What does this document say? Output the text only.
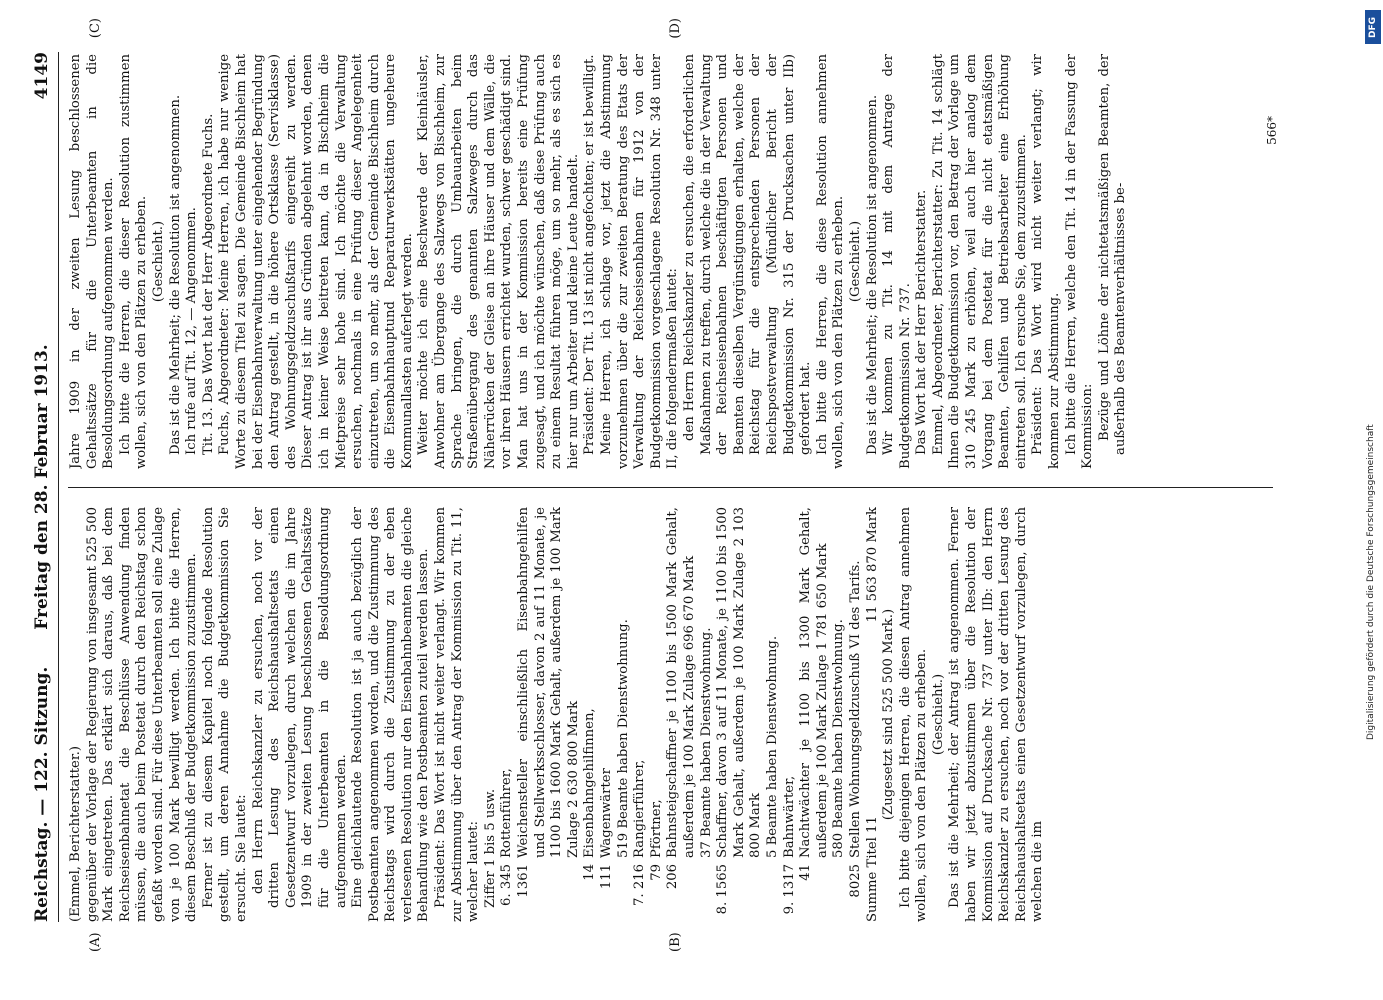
Reichstag. — 122. Sitzung.
Freitag den 28. Februar 1913.
4149

(Emmel, Berichterstatter.) gegenüber der Vorlage der Regierung von insgesamt 525 500 Mark eingetreten. Das erklärt sich daraus, daß bei dem Reichseisenbahnetat die Beschlüsse Anwendung finden müssen, die auch beim Postetat durch den Reichstag schon gefaßt worden sind. Für diese Unterbeamten soll eine Zulage von je 100 Mark bewilligt werden. Ich bitte die Herren, diesem Beschluß der Budgetkommission zuzustimmen. Ferner ist zu diesem Kapitel noch folgende Resolution gestellt, um deren Annahme die Budgetkommission Sie ersucht. Sie lautet: den Herrn Reichskanzler zu ersuchen, noch vor der dritten Lesung des Reichshaushaltsetats einen Gesetzentwurf vorzulegen, durch welchen die im Jahre 1909 in der zweiten Lesung beschlossenen Gehaltssätze für die Unterbeamten in die Besoldungsordnung aufgenommen werden. Eine gleichlautende Resolution ist ja auch bezüglich der Postbeamten angenommen worden, und die Zustimmung des Reichstags wird durch die Zustimmung zu der eben verlesenen Resolution nur den Eisenbahnbeamten die gleiche Behandlung wie den Postbeamten zuteil werden lassen. Präsident: Das Wort ist nicht weiter verlangt. Wir kommen zur Abstimmung über den Antrag der Kommission zu Tit. 11, welcher lautet: Ziffer 1 bis 5 usw. 6. 345
Rottenführer,
1361
Weichensteller einschließlich Eisenbahngehilfen und Stellwerksschlosser, davon 2 auf 11 Monate, je 1100 bis 1600 Mark Gehalt, außerdem je 100 Mark Zulage 2 630 800 Mark
14
Eisenbahngehilfinnen,
111
Wagenwärter 519 Beamte haben Dienstwohnung.
7. 216
Rangierführer,
79
Pförtner,
206
Bahnsteigschaffner je 1100 bis 1500 Mark Gehalt, außerdem je 100 Mark Zulage 696 670 Mark 37 Beamte haben Dienstwohnung.
8. 1565
Schaffner, davon 3 auf 11 Monate, je 1100 bis 1500 Mark Gehalt, außerdem je 100 Mark Zulage 2 103 800 Mark 5 Beamte haben Dienstwohnung.
9. 1317
Bahnwärter,
41
Nachtwächter je 1100 bis 1300 Mark Gehalt, außerdem je 100 Mark Zulage 1 781 650 Mark 580 Beamte haben Dienstwohnung.
8025
Stellen Wohnungsgeldzuschuß VI des Tarifs.
Summe Titel 11
11 563 870 Mark

(Zugesetzt sind 525 500 Mark.) Ich bitte diejenigen Herren, die diesen Antrag annehmen wollen, sich von den Plätzen zu erheben. (Geschieht.) Das ist die Mehrheit; der Antrag ist angenommen. Ferner haben wir jetzt abzustimmen über die Resolution der Kommission auf Drucksache Nr. 737 unter IIb: den Herrn Reichskanzler zu ersuchen, noch vor der dritten Lesung des Reichshaushaltsetats einen Gesetzentwurf vorzulegen, durch welchen die im

Jahre 1909 in der zweiten Lesung beschlossenen Gehaltssätze für die Unterbeamten in die Besoldungsordnung aufgenommen werden. Ich bitte die Herren, die dieser Resolution zustimmen wollen, sich von den Plätzen zu erheben. (Geschieht.) Das ist die Mehrheit; die Resolution ist angenommen. Ich rufe auf Tit. 12, — Angenommen. Tit. 13. Das Wort hat der Herr Abgeordnete Fuchs. Fuchs, Abgeordneter: Meine Herren, ich habe nur wenige Worte zu diesem Titel zu sagen. Die Gemeinde Bischheim hat bei der Eisenbahnverwaltung unter eingehender Begründung den Antrag gestellt, in die höhere Ortsklasse (Servisklasse) des Wohnungsgeldzuschußtarifs eingereiht zu werden. Dieser Antrag ist ihr aus Gründen abgelehnt worden, denen ich in keiner Weise beitreten kann, da in Bischheim die Mietpreise sehr hohe sind. Ich möchte die Verwaltung ersuchen, nochmals in eine Prüfung dieser Angelegenheit einzutreten, um so mehr, als der Gemeinde Bischheim durch die Eisenbahnhauptund Reparaturwerkstätten ungeheure Kommunallasten auferlegt werden. Weiter möchte ich eine Beschwerde der Kleinhäusler, Anwohner am Übergange des Salzwegs von Bischheim, zur Sprache bringen, die durch Umbauarbeiten beim Straßenübergang des genannten Salzweges durch das Näherrücken der Gleise an ihre Häuser und dem Wälle, die vor ihren Häusern errichtet wurden, schwer geschädigt sind. Man hat uns in der Kommission bereits eine Prüfung zugesagt, und ich möchte wünschen, daß diese Prüfung auch zu einem Resultat führen möge, um so mehr, als es sich es hier nur um Arbeiter und kleine Leute handelt. Präsident: Der Tit. 13 ist nicht angefochten; er ist bewilligt. Meine Herren, ich schlage vor, jetzt die Abstimmung vorzunehmen über die zur zweiten Beratung des Etats der Verwaltung der Reichseisenbahnen für 1912 von der Budgetkommission vorgeschlagene Resolution Nr. 348 unter II, die folgendermaßen lautet: den Herrn Reichskanzler zu ersuchen, die erforderlichen Maßnahmen zu treffen, durch welche die in der Verwaltung der Reichseisenbahnen beschäftigten Personen und Beamten dieselben Vergünstigungen erhalten, welche der Reichstag für die entsprechenden Personen der Reichspostverwaltung (Mündlicher Bericht der Budgetkommission Nr. 315 der Drucksachen unter IIb) gefordert hat. Ich bitte die Herren, die diese Resolution annehmen wollen, sich von den Plätzen zu erheben. (Geschieht.) Das ist die Mehrheit; die Resolution ist angenommen. Wir kommen zu Tit. 14 mit dem Antrage der Budgetkommission Nr. 737. Das Wort hat der Herr Berichterstatter. Emmel, Abgeordneter, Berichterstatter: Zu Tit. 14 schlägt Ihnen die Budgetkommission vor, den Betrag der Vorlage um 310 245 Mark zu erhöhen, weil auch hier analog dem Vorgang bei dem Postetat für die nicht etatsmäßigen Beamten, Gehilfen und Betriebsarbeiter eine Erhöhung eintreten soll. Ich ersuche Sie, dem zuzustimmen. Präsident: Das Wort wird nicht weiter verlangt; wir kommen zur Abstimmung. Ich bitte die Herren, welche den Tit. 14 in der Fassung der Kommission: Bezüge und Löhne der nichtetatsmäßigen Beamten, der außerhalb des Beamtenverhältnisses be-

(A)	(B)
(C)	(D)
566*
DFG
Digitalisierung gefördert durch die Deutsche Forschungsgemeinschaft
